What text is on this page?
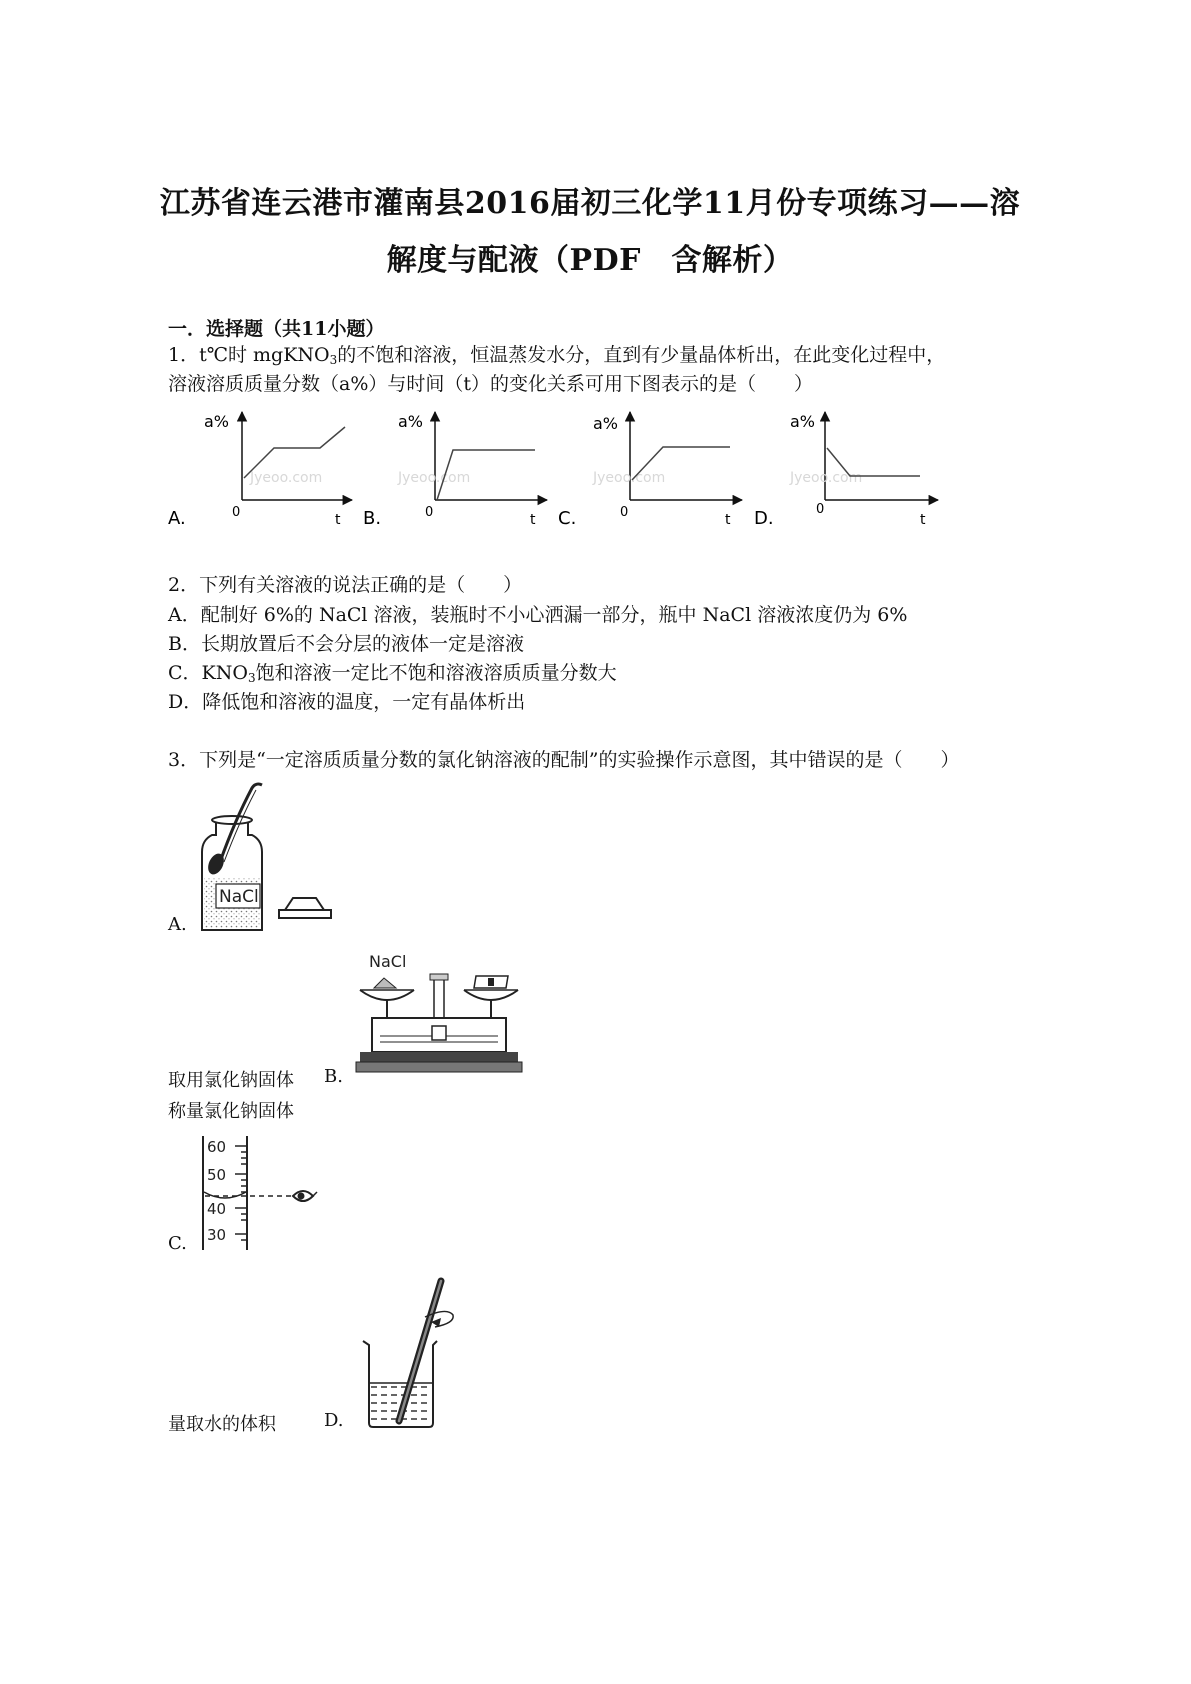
江苏省连云港市灌南县2016届初三化学11月份专项练习——溶
解度与配液（PDF　含解析）
一．选择题（共11小题）
1．t℃时 mgKNO$_3$的不饱和溶液，恒温蒸发水分，直到有少量晶体析出，在此变化过程中，
溶液溶质质量分数（a%）与时间（t）的变化关系可用下图表示的是（　　）
A.	B.	C.	D.
a%
0	t
Jyeoo.com
a%
0	t
Jyeoo.com
a%
0	t
Jyeoo.com
a%
0
t
Jyeoo.com
2．下列有关溶液的说法正确的是（　　）
A．配制好 6%的 NaCl 溶液，装瓶时不小心洒漏一部分，瓶中 NaCl 溶液浓度仍为 6%
B．长期放置后不会分层的液体一定是溶液
C．$KNO_3$饱和溶液一定比不饱和溶液溶质质量分数大
D．降低饱和溶液的温度，一定有晶体析出
3．下列是“一定溶质质量分数的氯化钠溶液的配制”的实验操作示意图，其中错误的是（　　）
A.
NaCl
取用氯化钠固体 B.
NaCl
称量氯化钠固体
C.
60
50
40
30
量取水的体积	D.
